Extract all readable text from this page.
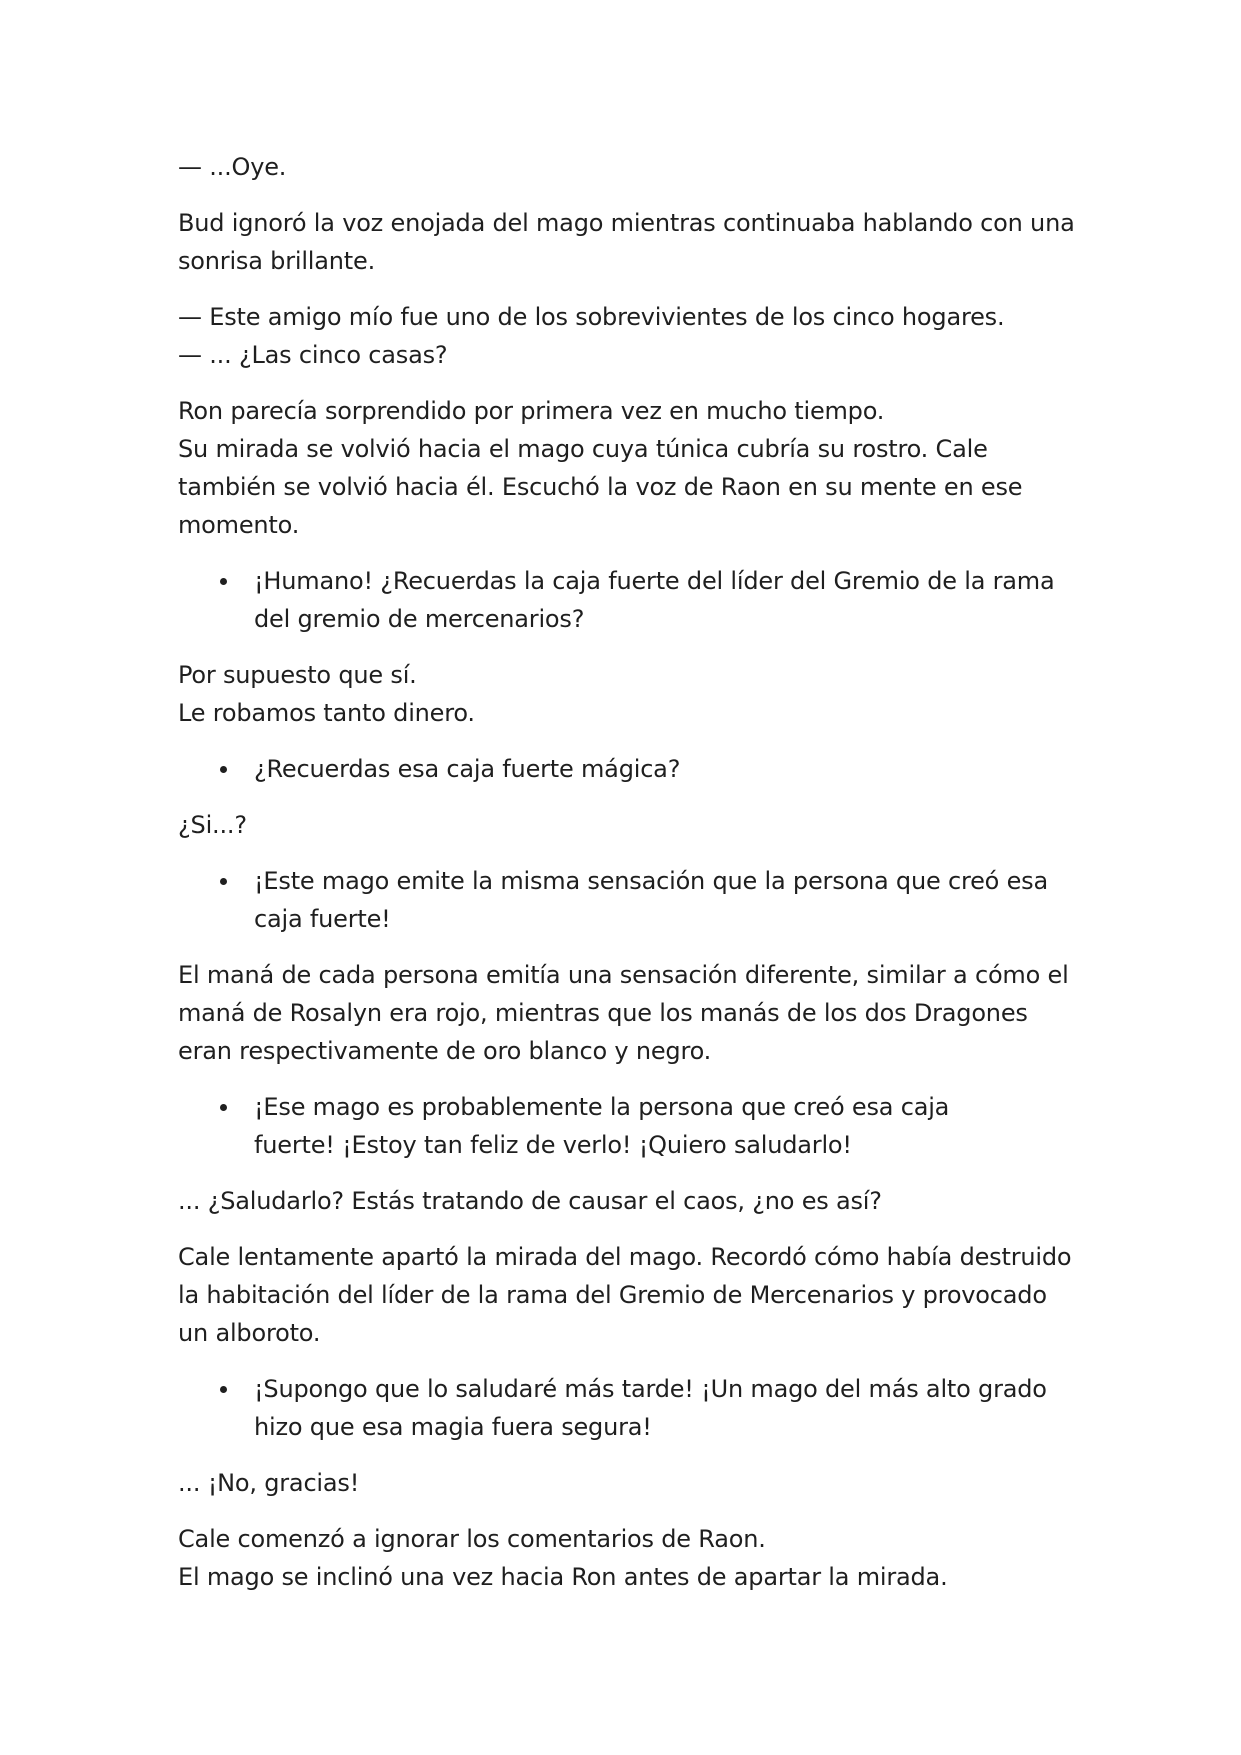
— ...Oye.
Bud ignoró la voz enojada del mago mientras continuaba hablando con una
sonrisa brillante.
— Este amigo mío fue uno de los sobrevivientes de los cinco hogares.
— ... ¿Las cinco casas?
Ron parecía sorprendido por primera vez en mucho tiempo.
Su mirada se volvió hacia el mago cuya túnica cubría su rostro. Cale
también se volvió hacia él. Escuchó la voz de Raon en su mente en ese
momento.
¡Humano! ¿Recuerdas la caja fuerte del líder del Gremio de la rama
del gremio de mercenarios?
Por supuesto que sí.
Le robamos tanto dinero.
¿Recuerdas esa caja fuerte mágica?
¿Si...?
¡Este mago emite la misma sensación que la persona que creó esa
caja fuerte!
El maná de cada persona emitía una sensación diferente, similar a cómo el
maná de Rosalyn era rojo, mientras que los manás de los dos Dragones
eran respectivamente de oro blanco y negro.
¡Ese mago es probablemente la persona que creó esa caja
fuerte! ¡Estoy tan feliz de verlo! ¡Quiero saludarlo!
... ¿Saludarlo? Estás tratando de causar el caos, ¿no es así?
Cale lentamente apartó la mirada del mago. Recordó cómo había destruido
la habitación del líder de la rama del Gremio de Mercenarios y provocado
un alboroto.
¡Supongo que lo saludaré más tarde! ¡Un mago del más alto grado
hizo que esa magia fuera segura!
... ¡No, gracias!
Cale comenzó a ignorar los comentarios de Raon.
El mago se inclinó una vez hacia Ron antes de apartar la mirada.
